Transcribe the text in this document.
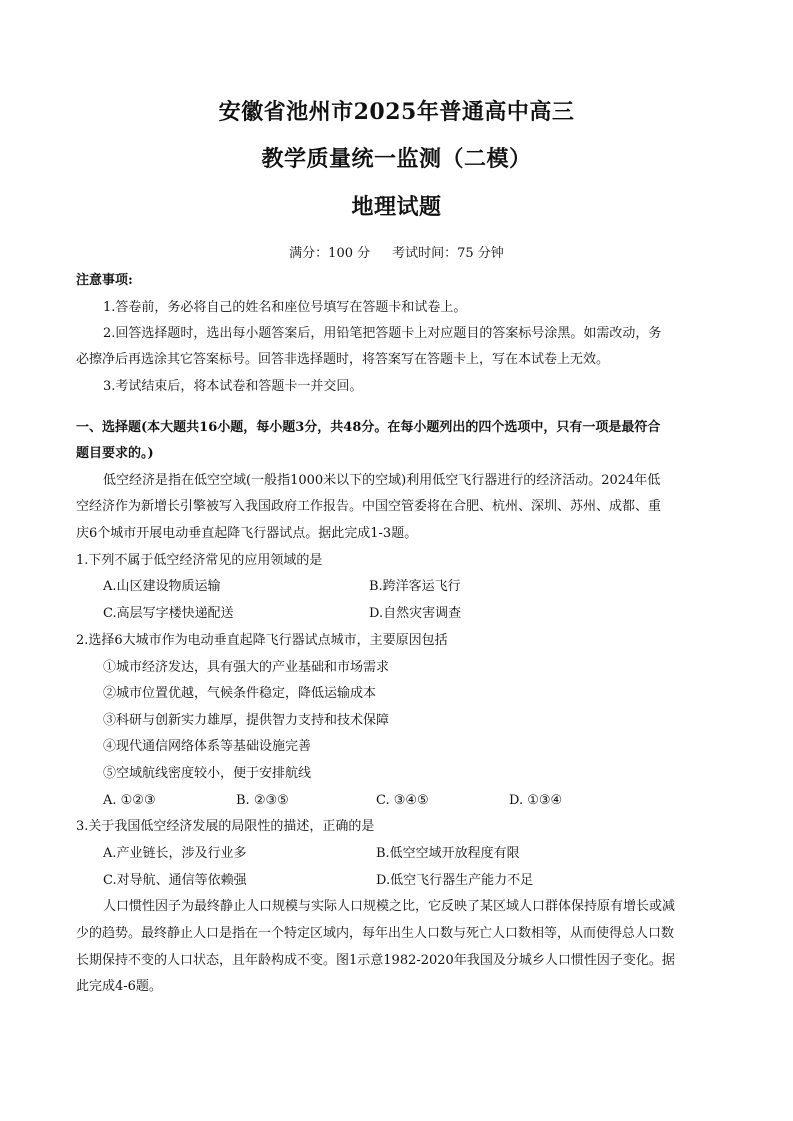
安徽省池州市2025年普通高中高三
教学质量统一监测（二模）
地理试题
满分：100 分 考试时间：75 分钟
注意事项:
1.答卷前，务必将自己的姓名和座位号填写在答题卡和试卷上。
2.回答选择题时，选出每小题答案后，用铅笔把答题卡上对应题目的答案标号涂黑。如需改动，务
必擦净后再选涂其它答案标号。回答非选择题时，将答案写在答题卡上，写在本试卷上无效。
3.考试结束后，将本试卷和答题卡一并交回。
一、选择题(本大题共16小题，每小题3分，共48分。在每小题列出的四个选项中，只有一项是最符合
题目要求的。)
低空经济是指在低空空域(一般指1000米以下的空域)利用低空飞行器进行的经济活动。2024年低
空经济作为新增长引擎被写入我国政府工作报告。中国空管委将在合肥、杭州、深圳、苏州、成都、重
庆6个城市开展电动垂直起降飞行器试点。据此完成1-3题。
1.下列不属于低空经济常见的应用领域的是
A.山区建设物质运输	B.跨洋客运飞行
C.高层写字楼快递配送	D.自然灾害调查
2.选择6大城市作为电动垂直起降飞行器试点城市，主要原因包括
①城市经济发达，具有强大的产业基础和市场需求
②城市位置优越，气候条件稳定，降低运输成本
③科研与创新实力雄厚，提供智力支持和技术保障
④现代通信网络体系等基础设施完善
⑤空域航线密度较小，便于安排航线
A. ①②③	B. ②③⑤	C. ③④⑤	D. ①③④
3.关于我国低空经济发展的局限性的描述，正确的是
A.产业链长，涉及行业多	B.低空空域开放程度有限
C.对导航、通信等依赖强	D.低空飞行器生产能力不足
人口惯性因子为最终静止人口规模与实际人口规模之比，它反映了某区域人口群体保持原有增长或减
少的趋势。最终静止人口是指在一个特定区域内，每年出生人口数与死亡人口数相等，从而使得总人口数
长期保持不变的人口状态，且年龄构成不变。图1示意1982-2020年我国及分城乡人口惯性因子变化。据
此完成4-6题。
